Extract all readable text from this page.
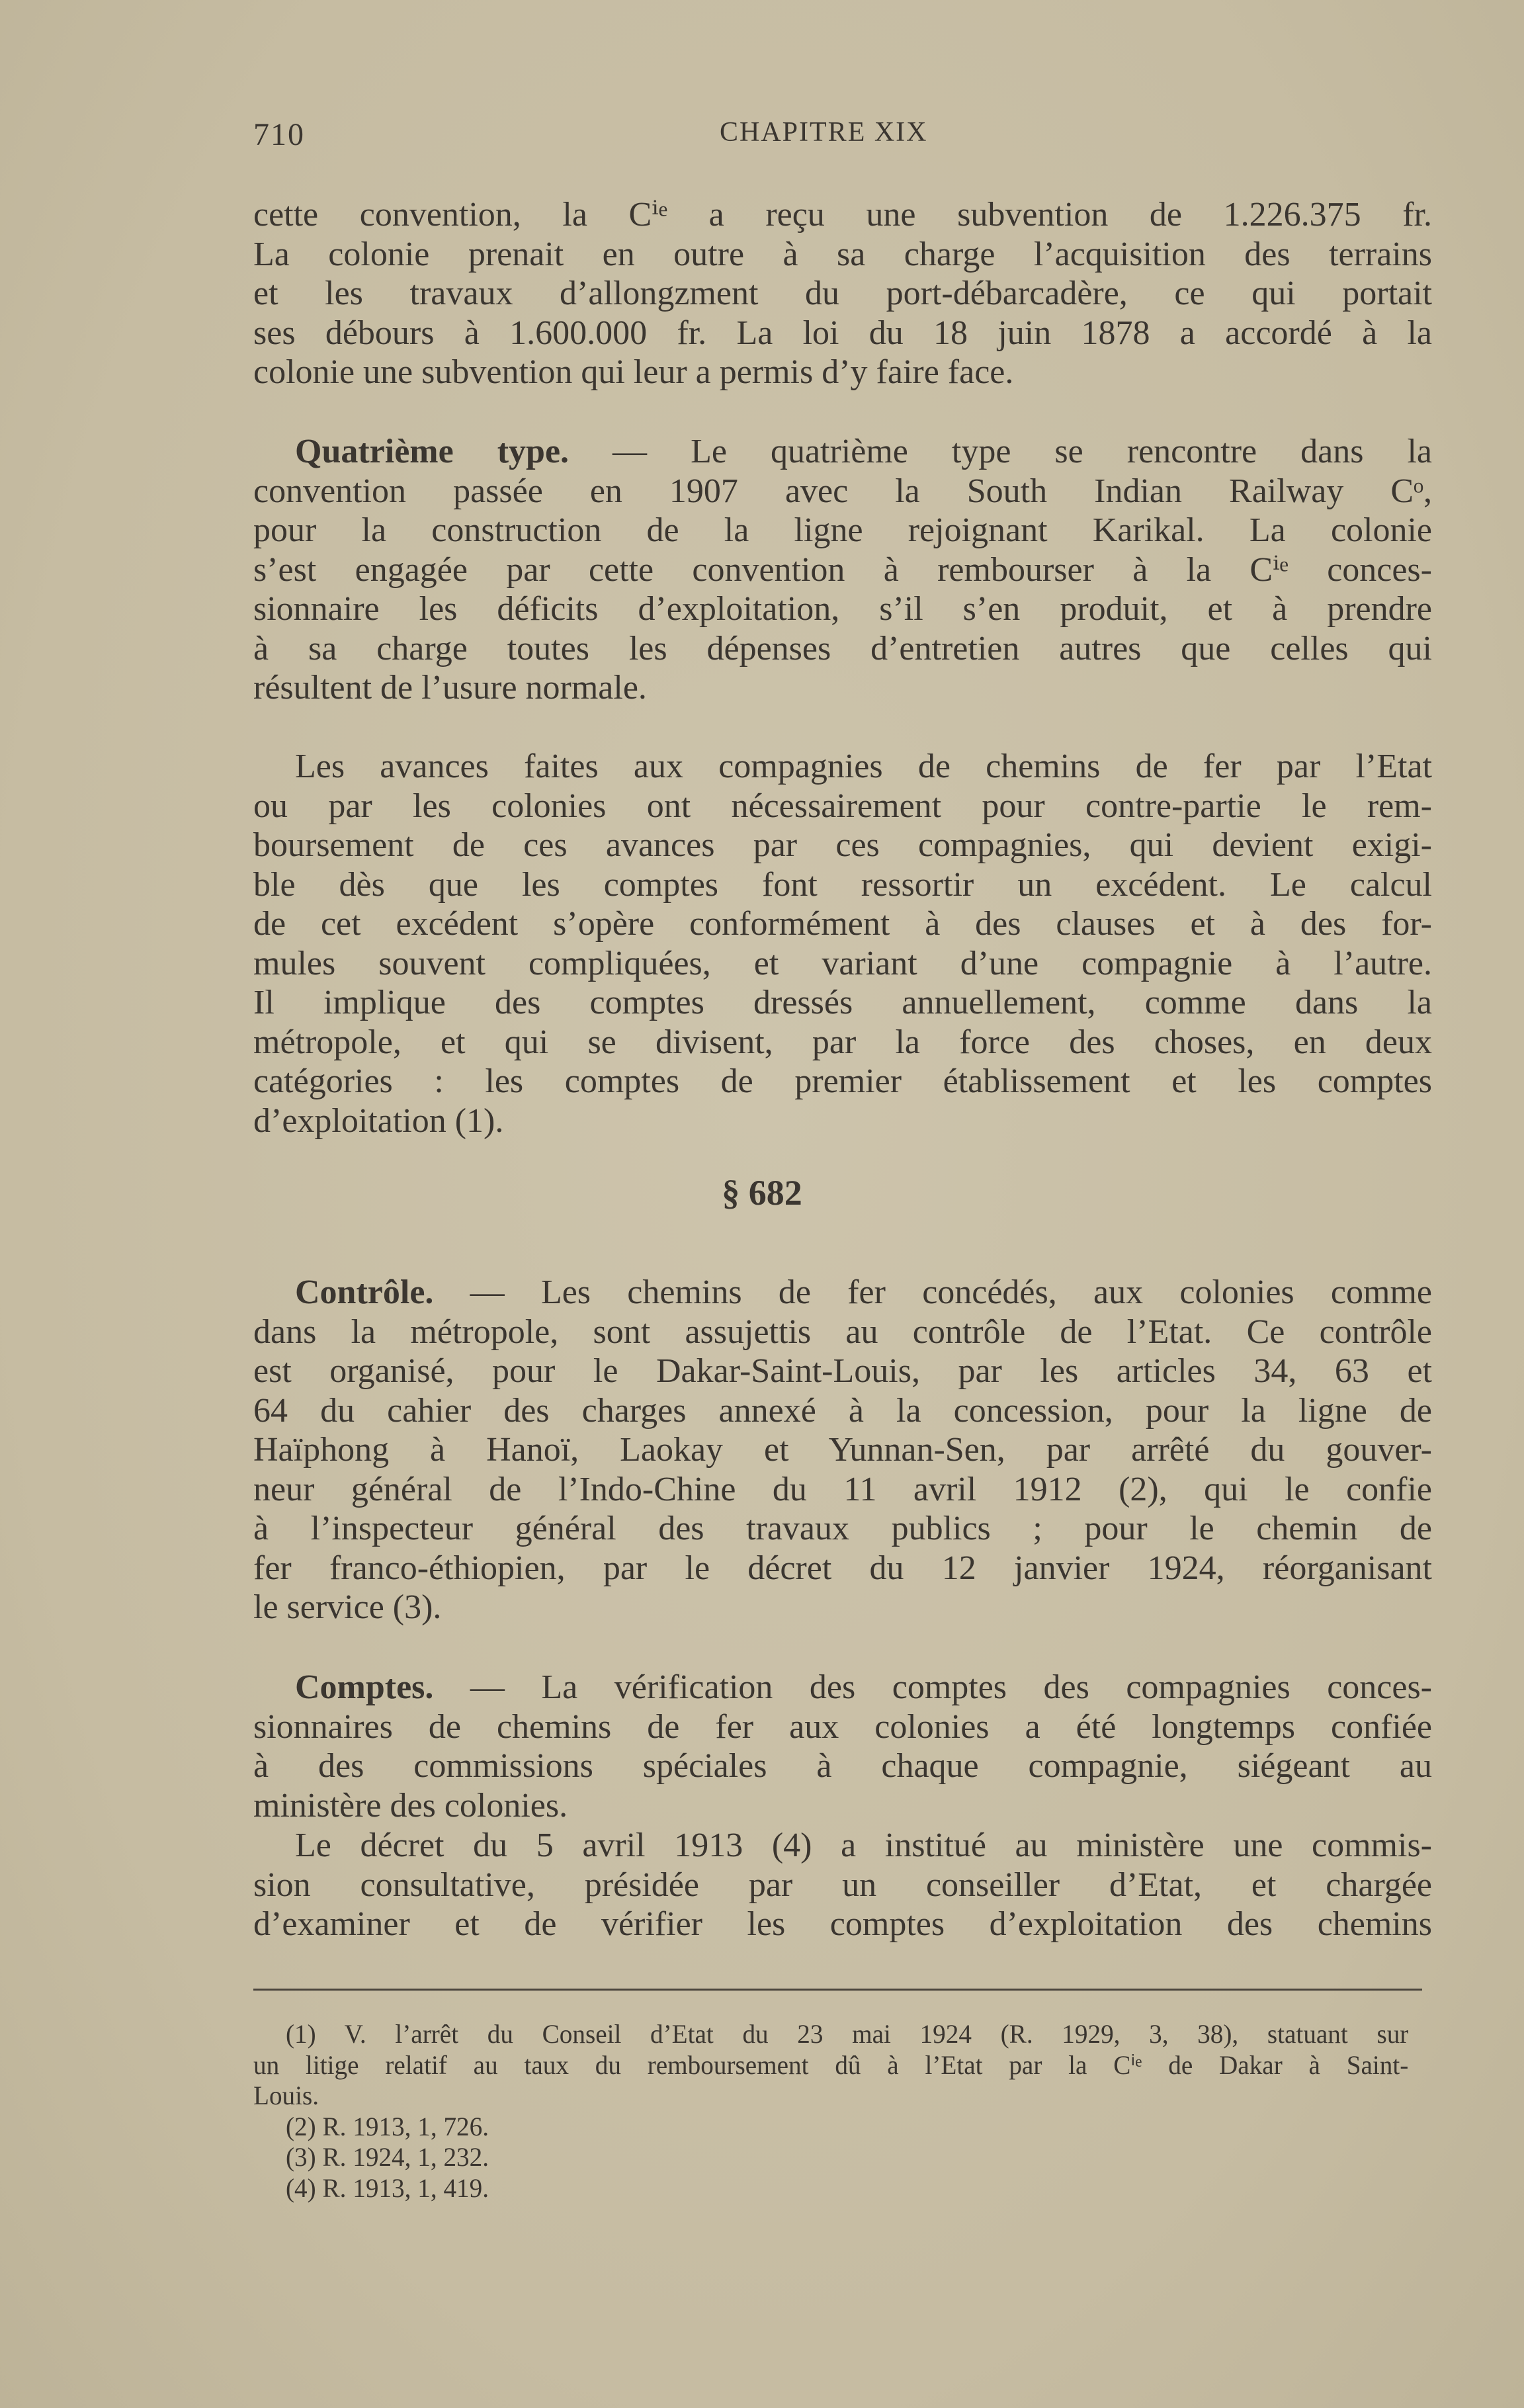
710	CHAPITRE XIX
cette convention, la Cⁱᵉ a reçu une subvention de 1.226.375 fr.
La colonie prenait en outre à sa charge l’acquisition des terrains
et les travaux d’allongzment du port-débarcadère, ce qui portait
ses débours à 1.600.000 fr. La loi du 18 juin 1878 a accordé à la
colonie une subvention qui leur a permis d’y faire face.
Quatrième type. — Le quatrième type se rencontre dans la
convention passée en 1907 avec la South Indian Railway Cᵒ,
pour la construction de la ligne rejoignant Karikal. La colonie
s’est engagée par cette convention à rembourser à la Cⁱᵉ conces-
sionnaire les déficits d’exploitation, s’il s’en produit, et à prendre
à sa charge toutes les dépenses d’entretien autres que celles qui
résultent de l’usure normale.
Les avances faites aux compagnies de chemins de fer par l’Etat
ou par les colonies ont nécessairement pour contre-partie le rem-
boursement de ces avances par ces compagnies, qui devient exigi-
ble dès que les comptes font ressortir un excédent. Le calcul
de cet excédent s’opère conformément à des clauses et à des for-
mules souvent compliquées, et variant d’une compagnie à l’autre.
Il implique des comptes dressés annuellement, comme dans la
métropole, et qui se divisent, par la force des choses, en deux
catégories : les comptes de premier établissement et les comptes
d’exploitation (1).
§ 682
Contrôle. — Les chemins de fer concédés, aux colonies comme
dans la métropole, sont assujettis au contrôle de l’Etat. Ce contrôle
est organisé, pour le Dakar-Saint-Louis, par les articles 34, 63 et
64 du cahier des charges annexé à la concession, pour la ligne de
Haïphong à Hanoï, Laokay et Yunnan-Sen, par arrêté du gouver-
neur général de l’Indo-Chine du 11 avril 1912 (2), qui le confie
à l’inspecteur général des travaux publics ; pour le chemin de
fer franco-éthiopien, par le décret du 12 janvier 1924, réorganisant
le service (3).
Comptes. — La vérification des comptes des compagnies conces-
sionnaires de chemins de fer aux colonies a été longtemps confiée
à des commissions spéciales à chaque compagnie, siégeant au
ministère des colonies.
Le décret du 5 avril 1913 (4) a institué au ministère une commis-
sion consultative, présidée par un conseiller d’Etat, et chargée
d’examiner et de vérifier les comptes d’exploitation des chemins
(1) V. l’arrêt du Conseil d’Etat du 23 mai 1924 (R. 1929, 3, 38), statuant sur
un litige relatif au taux du remboursement dû à l’Etat par la Cⁱᵉ de Dakar à Saint-
Louis.
(2) R. 1913, 1, 726.
(3) R. 1924, 1, 232.
(4) R. 1913, 1, 419.
